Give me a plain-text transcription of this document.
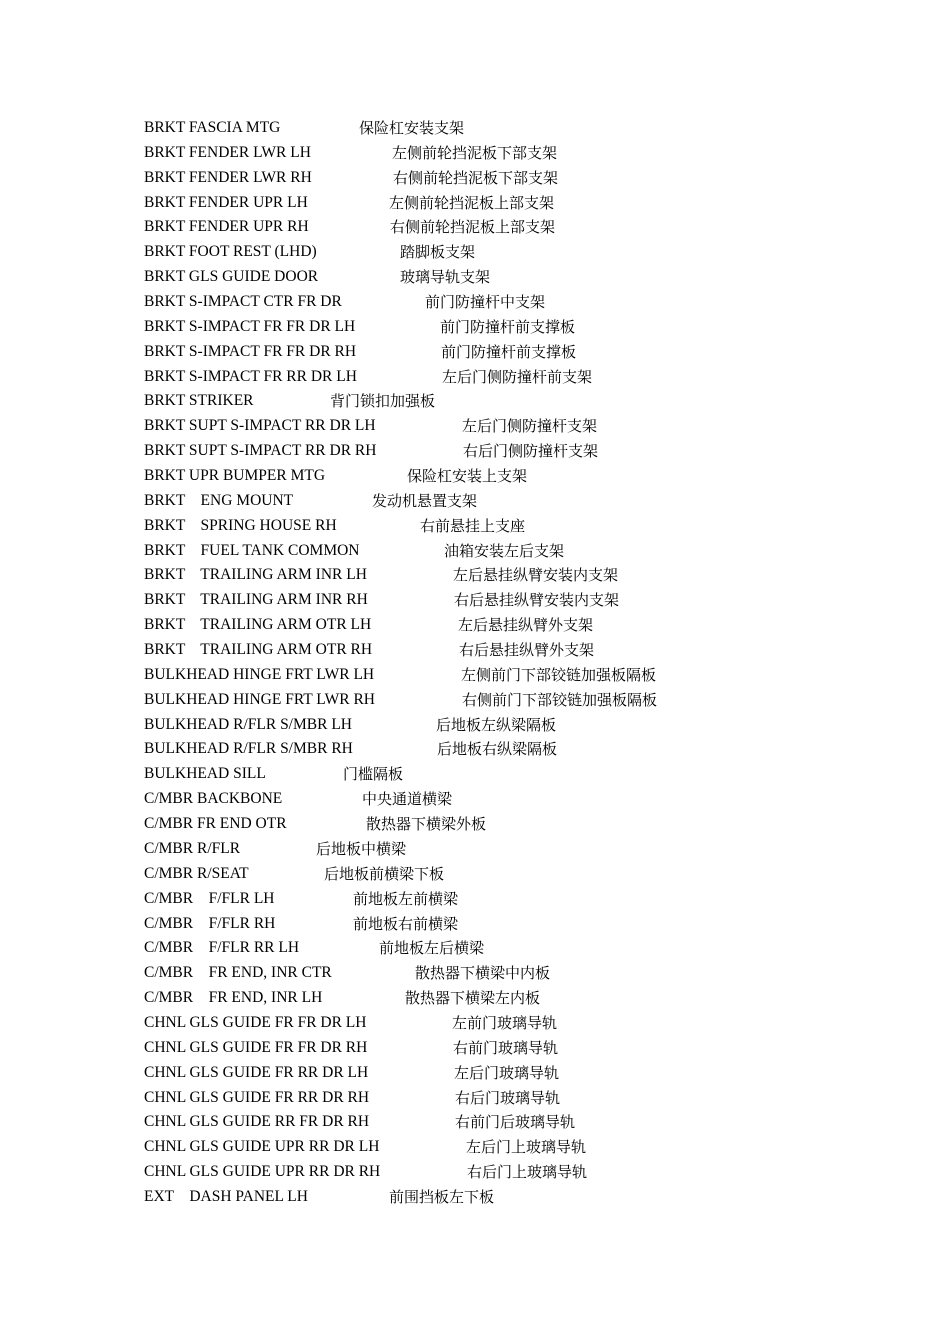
BRKT FASCIA MTG	保险杠安装支架
BRKT FENDER LWR LH	左侧前轮挡泥板下部支架
BRKT FENDER LWR RH	右侧前轮挡泥板下部支架
BRKT FENDER UPR LH	左侧前轮挡泥板上部支架
BRKT FENDER UPR RH	右侧前轮挡泥板上部支架
BRKT FOOT REST (LHD)	踏脚板支架
BRKT GLS GUIDE DOOR	玻璃导轨支架
BRKT S-IMPACT CTR FR DR	前门防撞杆中支架
BRKT S-IMPACT FR FR DR LH	前门防撞杆前支撑板
BRKT S-IMPACT FR FR DR RH	前门防撞杆前支撑板
BRKT S-IMPACT FR RR DR LH	左后门侧防撞杆前支架
BRKT STRIKER	背门锁扣加强板
BRKT SUPT S-IMPACT RR DR LH	左后门侧防撞杆支架
BRKT SUPT S-IMPACT RR DR RH	右后门侧防撞杆支架
BRKT UPR BUMPER MTG	保险杠安装上支架
BRKT    ENG MOUNT	发动机悬置支架
BRKT    SPRING HOUSE RH	右前悬挂上支座
BRKT    FUEL TANK COMMON	油箱安装左后支架
BRKT    TRAILING ARM INR LH	左后悬挂纵臂安装内支架
BRKT    TRAILING ARM INR RH	右后悬挂纵臂安装内支架
BRKT    TRAILING ARM OTR LH	左后悬挂纵臂外支架
BRKT    TRAILING ARM OTR RH	右后悬挂纵臂外支架
BULKHEAD HINGE FRT LWR LH	左侧前门下部铰链加强板隔板
BULKHEAD HINGE FRT LWR RH	右侧前门下部铰链加强板隔板
BULKHEAD R/FLR S/MBR LH	后地板左纵梁隔板
BULKHEAD R/FLR S/MBR RH	后地板右纵梁隔板
BULKHEAD SILL	门槛隔板
C/MBR BACKBONE	中央通道横梁
C/MBR FR END OTR	散热器下横梁外板
C/MBR R/FLR	后地板中横梁
C/MBR R/SEAT	后地板前横梁下板
C/MBR    F/FLR LH	前地板左前横梁
C/MBR    F/FLR RH	前地板右前横梁
C/MBR    F/FLR RR LH	前地板左后横梁
C/MBR    FR END, INR CTR	散热器下横梁中内板
C/MBR    FR END, INR LH	散热器下横梁左内板
CHNL GLS GUIDE FR FR DR LH	左前门玻璃导轨
CHNL GLS GUIDE FR FR DR RH	右前门玻璃导轨
CHNL GLS GUIDE FR RR DR LH	左后门玻璃导轨
CHNL GLS GUIDE FR RR DR RH	右后门玻璃导轨
CHNL GLS GUIDE RR FR DR RH	右前门后玻璃导轨
CHNL GLS GUIDE UPR RR DR LH	左后门上玻璃导轨
CHNL GLS GUIDE UPR RR DR RH	右后门上玻璃导轨
EXT    DASH PANEL LH	前围挡板左下板
